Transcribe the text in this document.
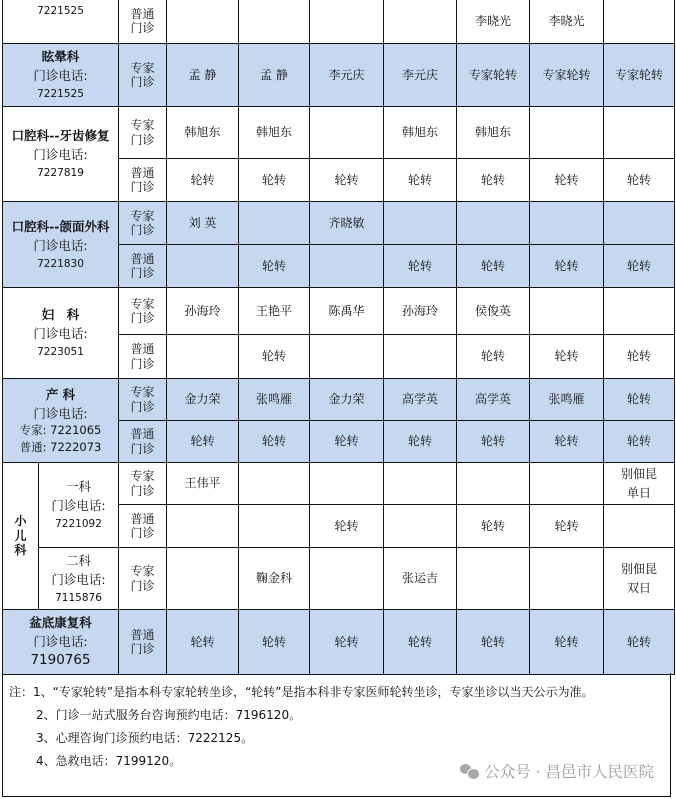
7221525		普通
门诊					李晓光	李晓光	

眩晕科
门诊电话:
7221525		专家
门诊	孟 静	孟 静	李元庆	李元庆	专家轮转	专家轮转	专家轮转

口腔科--牙齿修复
门诊电话:
7227819		专家
门诊	韩旭东	韩旭东		韩旭东	韩旭东		

		普通
门诊	轮转	轮转	轮转	轮转	轮转	轮转	轮转

口腔科--颌面外科
门诊电话:
7221830		专家
门诊	刘 英		齐晓敏				

		普通
门诊		轮转		轮转	轮转	轮转	轮转

妇　科
门诊电话:
7223051		专家
门诊	孙海玲	王艳平	陈禹华	孙海玲	侯俊英		

		普通
门诊		轮转			轮转	轮转	轮转

产 科
门诊电话:
专家: 7221065
普通: 7222073		专家
门诊	金力荣	张鸣雁	金力荣	高学英	高学英	张鸣雁	轮转

		普通
门诊	轮转	轮转	轮转	轮转	轮转	轮转	轮转

小
儿
科	一科
门诊电话:
7221092	专家
门诊	王伟平						别佃昆
单日

		普通
门诊			轮转		轮转	轮转	

	二科
门诊电话:
7115876	专家
门诊		鞠金科		张运吉			别佃昆
双日

盆底康复科
门诊电话:
7190765		普通
门诊	轮转	轮转	轮转	轮转	轮转	轮转	轮转
注：1、“专家轮转”是指本科专家轮转坐诊，“轮转”是指本科非专家医师轮转坐诊，专家坐诊以当天公示为准。
2、门诊一站式服务台咨询预约电话：7196120。
3、心理咨询门诊预约电话：7222125。
4、急救电话：7199120。
公众号 · 昌邑市人民医院
